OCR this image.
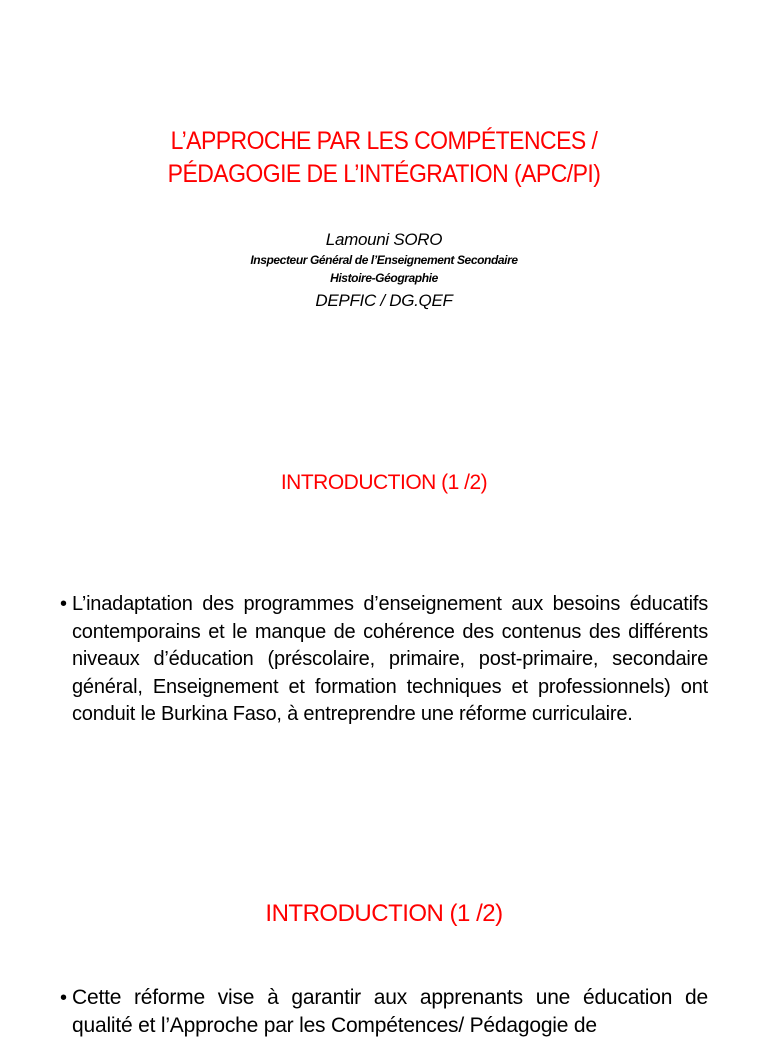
L’APPROCHE PAR LES COMPÉTENCES /
PÉDAGOGIE DE L’INTÉGRATION (APC/PI)
Lamouni SORO
Inspecteur Général de l’Enseignement Secondaire
Histoire-Géographie
DEPFIC / DG.QEF
INTRODUCTION (1 /2)
• L’inadaptation des programmes d’enseignement aux besoins éducatifs contemporains et le manque de cohérence des contenus des différents niveaux d’éducation (préscolaire, primaire, post-primaire, secondaire général, Enseignement et formation techniques et professionnels) ont conduit le Burkina Faso, à entreprendre une réforme curriculaire.
INTRODUCTION (1 /2)
• Cette réforme vise à garantir aux apprenants une éducation de qualité et l’Approche par les Compétences/ Pédagogie de
